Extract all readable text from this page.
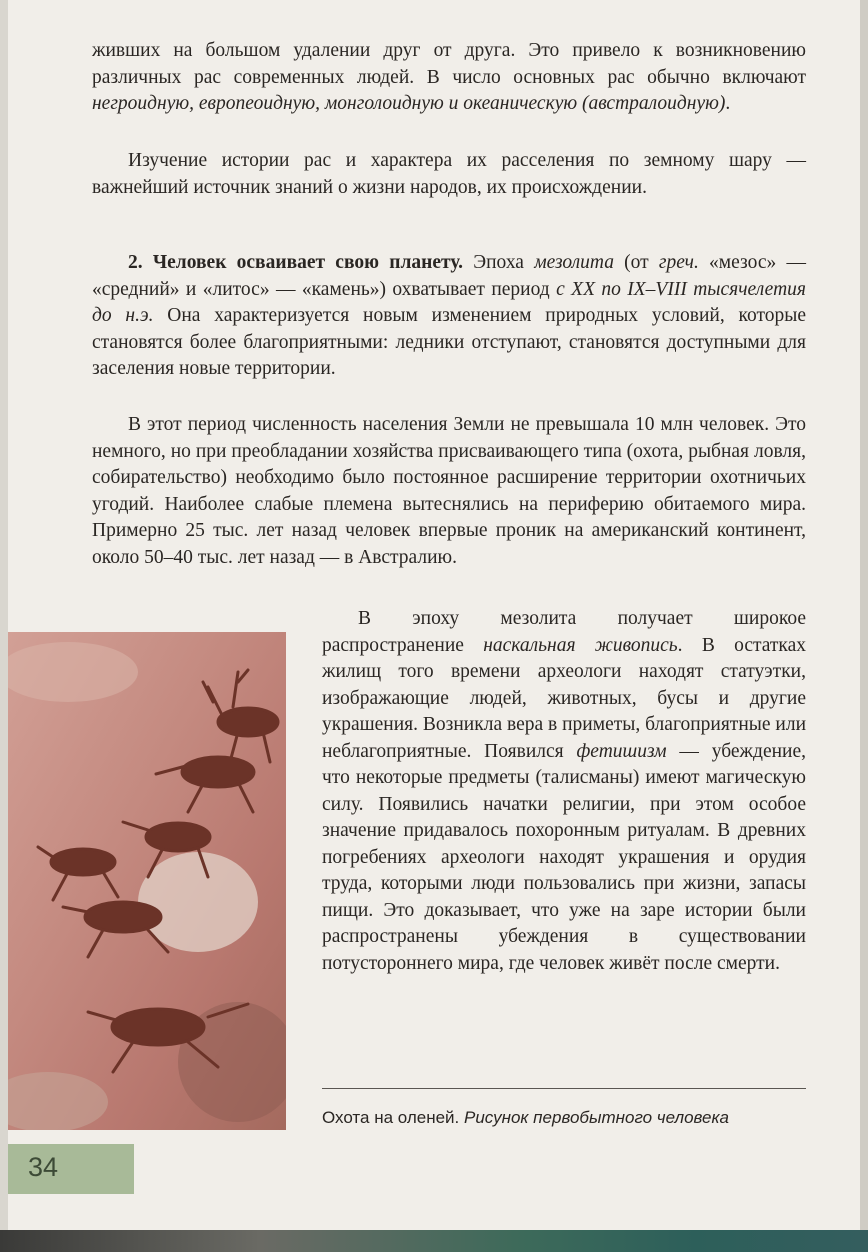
живших на большом удалении друг от друга. Это привело к возникновению различных рас современных людей. В число основных рас обычно включают негроидную, европеоидную, монголоидную и океаническую (австралоидную).

Изучение истории рас и характера их расселения по земному шару — важнейший источник знаний о жизни народов, их происхождении.

2. Человек осваивает свою планету. Эпоха мезолита (от греч. «мезос» — «средний» и «литос» — «камень») охватывает период с XX по IX–VIII тысячелетия до н.э. Она характеризуется новым изменением природных условий, которые становятся более благоприятными: ледники отступают, становятся доступными для заселения новые территории.

В этот период численность населения Земли не превышала 10 млн человек. Это немного, но при преобладании хозяйства присваивающего типа (охота, рыбная ловля, собирательство) необходимо было постоянное расширение территории охотничьих угодий. Наиболее слабые племена вытеснялись на периферию обитаемого мира. Примерно 25 тыс. лет назад человек впервые проник на американский континент, около 50–40 тыс. лет назад — в Австралию.

В эпоху мезолита получает широкое распространение наскальная живопись. В остатках жилищ того времени археологи находят статуэтки, изображающие людей, животных, бусы и другие украшения. Возникла вера в приметы, благоприятные или неблагоприятные. Появился фетишизм — убеждение, что некоторые предметы (талисманы) имеют магическую силу. Появились начатки религии, при этом особое значение придавалось похоронным ритуалам. В древних погребениях археологи находят украшения и орудия труда, которыми люди пользовались при жизни, запасы пищи. Это доказывает, что уже на заре истории были распространены убеждения в существовании потустороннего мира, где человек живёт после смерти.

Охота на оленей. Рисунок первобытного человека
34
